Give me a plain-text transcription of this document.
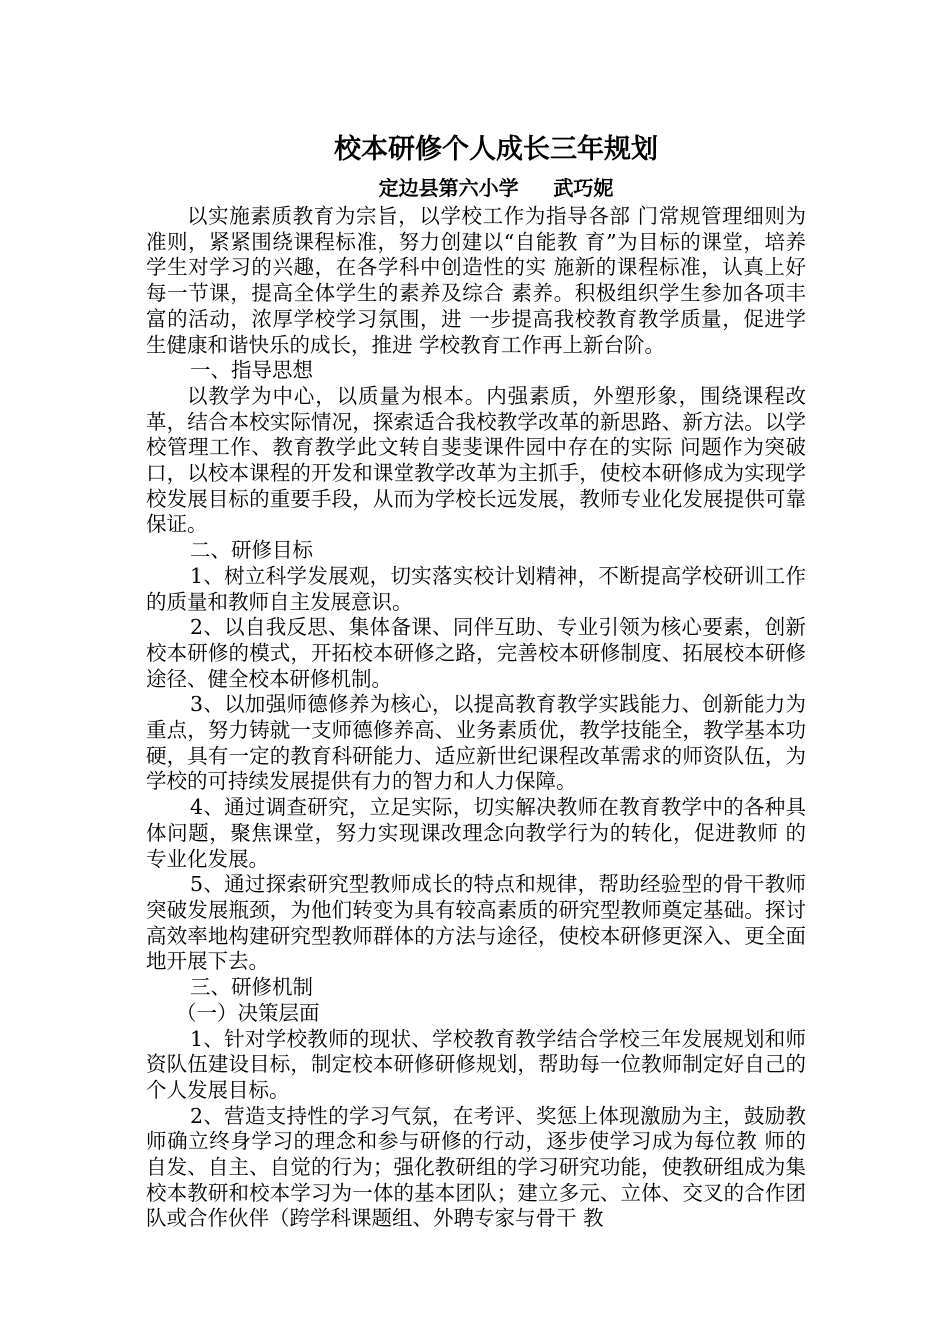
校本研修个人成长三年规划
定边县第六小学     武巧妮

以实施素质教育为宗旨，以学校工作为指导各部 门常规管理细则为准则，紧紧围绕课程标准，努力创建以“自能教 育”为目标的课堂，培养学生对学习的兴趣，在各学科中创造性的实 施新的课程标准，认真上好每一节课，提高全体学生的素养及综合 素养。积极组织学生参加各项丰富的活动，浓厚学校学习氛围，进 一步提高我校教育教学质量，促进学生健康和谐快乐的成长，推进 学校教育工作再上新台阶。

一、指导思想

以教学为中心，以质量为根本。内强素质，外塑形象，围绕课程改革，结合本校实际情况，探索适合我校教学改革的新思路、新方法。以学校管理工作、教育教学此文转自斐斐课件园中存在的实际 问题作为突破口，以校本课程的开发和课堂教学改革为主抓手，使校本研修成为实现学校发展目标的重要手段，从而为学校长远发展，教师专业化发展提供可靠保证。

二、研修目标

1、树立科学发展观，切实落实校计划精神，不断提高学校研训工作 的质量和教师自主发展意识。

2、以自我反思、集体备课、同伴互助、专业引领为核心要素，创新校本研修的模式，开拓校本研修之路，完善校本研修制度、拓展校本研修途径、健全校本研修机制。

3、以加强师德修养为核心，以提高教育教学实践能力、创新能力为重点，努力铸就一支师德修养高、业务素质优，教学技能全，教学基本功硬，具有一定的教育科研能力、适应新世纪课程改革需求的师资队伍，为学校的可持续发展提供有力的智力和人力保障。

4、通过调查研究，立足实际，切实解决教师在教育教学中的各种具 体问题，聚焦课堂，努力实现课改理念向教学行为的转化，促进教师 的专业化发展。

5、通过探索研究型教师成长的特点和规律，帮助经验型的骨干教师突破发展瓶颈，为他们转变为具有较高素质的研究型教师奠定基础。探讨高效率地构建研究型教师群体的方法与途径，使校本研修更深入、更全面地开展下去。

三、研修机制

（一）决策层面

1、针对学校教师的现状、学校教育教学结合学校三年发展规划和师 资队伍建设目标，制定校本研修研修规划，帮助每一位教师制定好自己的个人发展目标。

2、营造支持性的学习气氛，在考评、奖惩上体现激励为主，鼓励教 师确立终身学习的理念和参与研修的行动，逐步使学习成为每位教 师的自发、自主、自觉的行为；强化教研组的学习研究功能，使教研组成为集校本教研和校本学习为一体的基本团队；建立多元、立体、交叉的合作团队或合作伙伴（跨学科课题组、外聘专家与骨干 教
